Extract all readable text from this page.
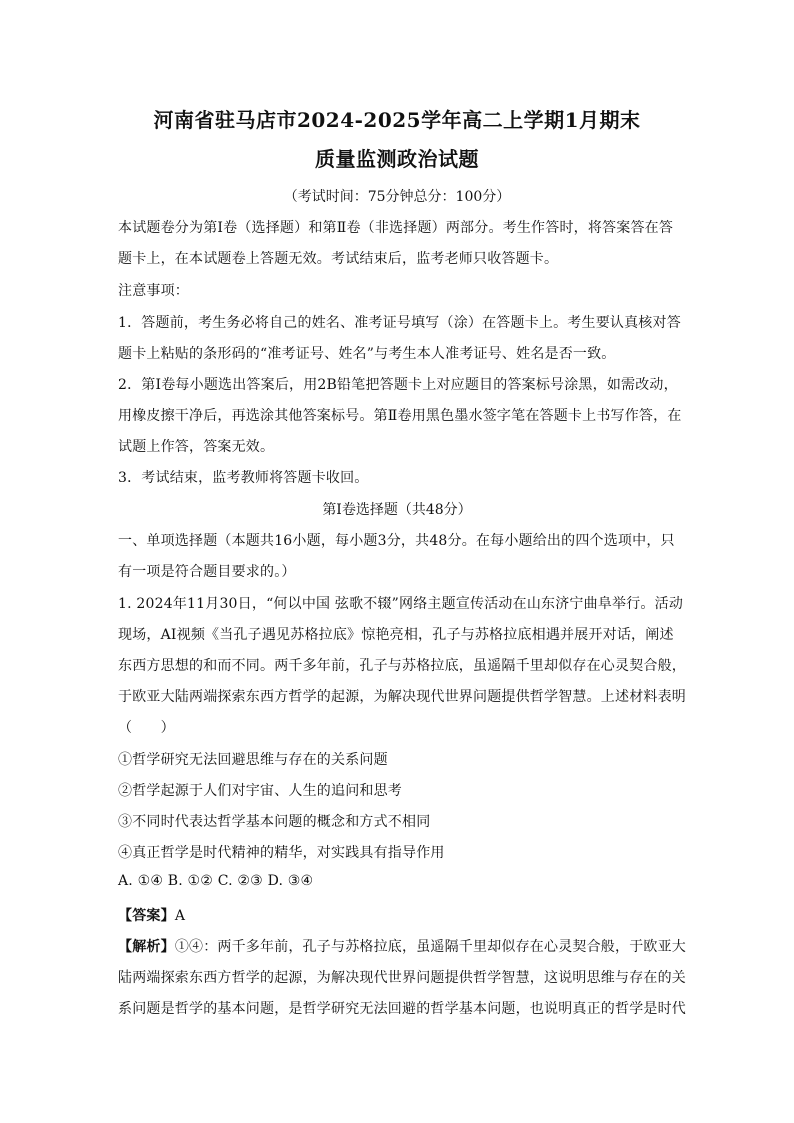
河南省驻马店市2024-2025学年高二上学期1月期末
质量监测政治试题
（考试时间：75分钟总分：100分）
本试题卷分为第Ⅰ卷（选择题）和第Ⅱ卷（非选择题）两部分。考生作答时，将答案答在答
题卡上，在本试题卷上答题无效。考试结束后，监考老师只收答题卡。
注意事项：
1．答题前，考生务必将自己的姓名、准考证号填写（涂）在答题卡上。考生要认真核对答
题卡上粘贴的条形码的“准考证号、姓名”与考生本人准考证号、姓名是否一致。
2．第Ⅰ卷每小题选出答案后，用2B铅笔把答题卡上对应题目的答案标号涂黑，如需改动，
用橡皮擦干净后，再选涂其他答案标号。第Ⅱ卷用黑色墨水签字笔在答题卡上书写作答，在
试题上作答，答案无效。
3．考试结束，监考教师将答题卡收回。
第Ⅰ卷选择题（共48分）
一、单项选择题（本题共16小题，每小题3分，共48分。在每小题给出的四个选项中，只
有一项是符合题目要求的。）
1. 2024年11月30日，“何以中国 弦歌不辍”网络主题宣传活动在山东济宁曲阜举行。活动
现场，AI视频《当孔子遇见苏格拉底》惊艳亮相，孔子与苏格拉底相遇并展开对话，阐述
东西方思想的和而不同。两千多年前，孔子与苏格拉底，虽遥隔千里却似存在心灵契合般，
于欧亚大陆两端探索东西方哲学的起源，为解决现代世界问题提供哲学智慧。上述材料表明
（　　）
①哲学研究无法回避思维与存在的关系问题
②哲学起源于人们对宇宙、人生的追问和思考
③不同时代表达哲学基本问题的概念和方式不相同
④真正哲学是时代精神的精华，对实践具有指导作用
A. ①④ B. ①② C. ②③ D. ③④
【答案】A
【解析】①④：两千多年前，孔子与苏格拉底，虽遥隔千里却似存在心灵契合般，于欧亚大
陆两端探索东西方哲学的起源，为解决现代世界问题提供哲学智慧，这说明思维与存在的关
系问题是哲学的基本问题，是哲学研究无法回避的哲学基本问题，也说明真正的哲学是时代
